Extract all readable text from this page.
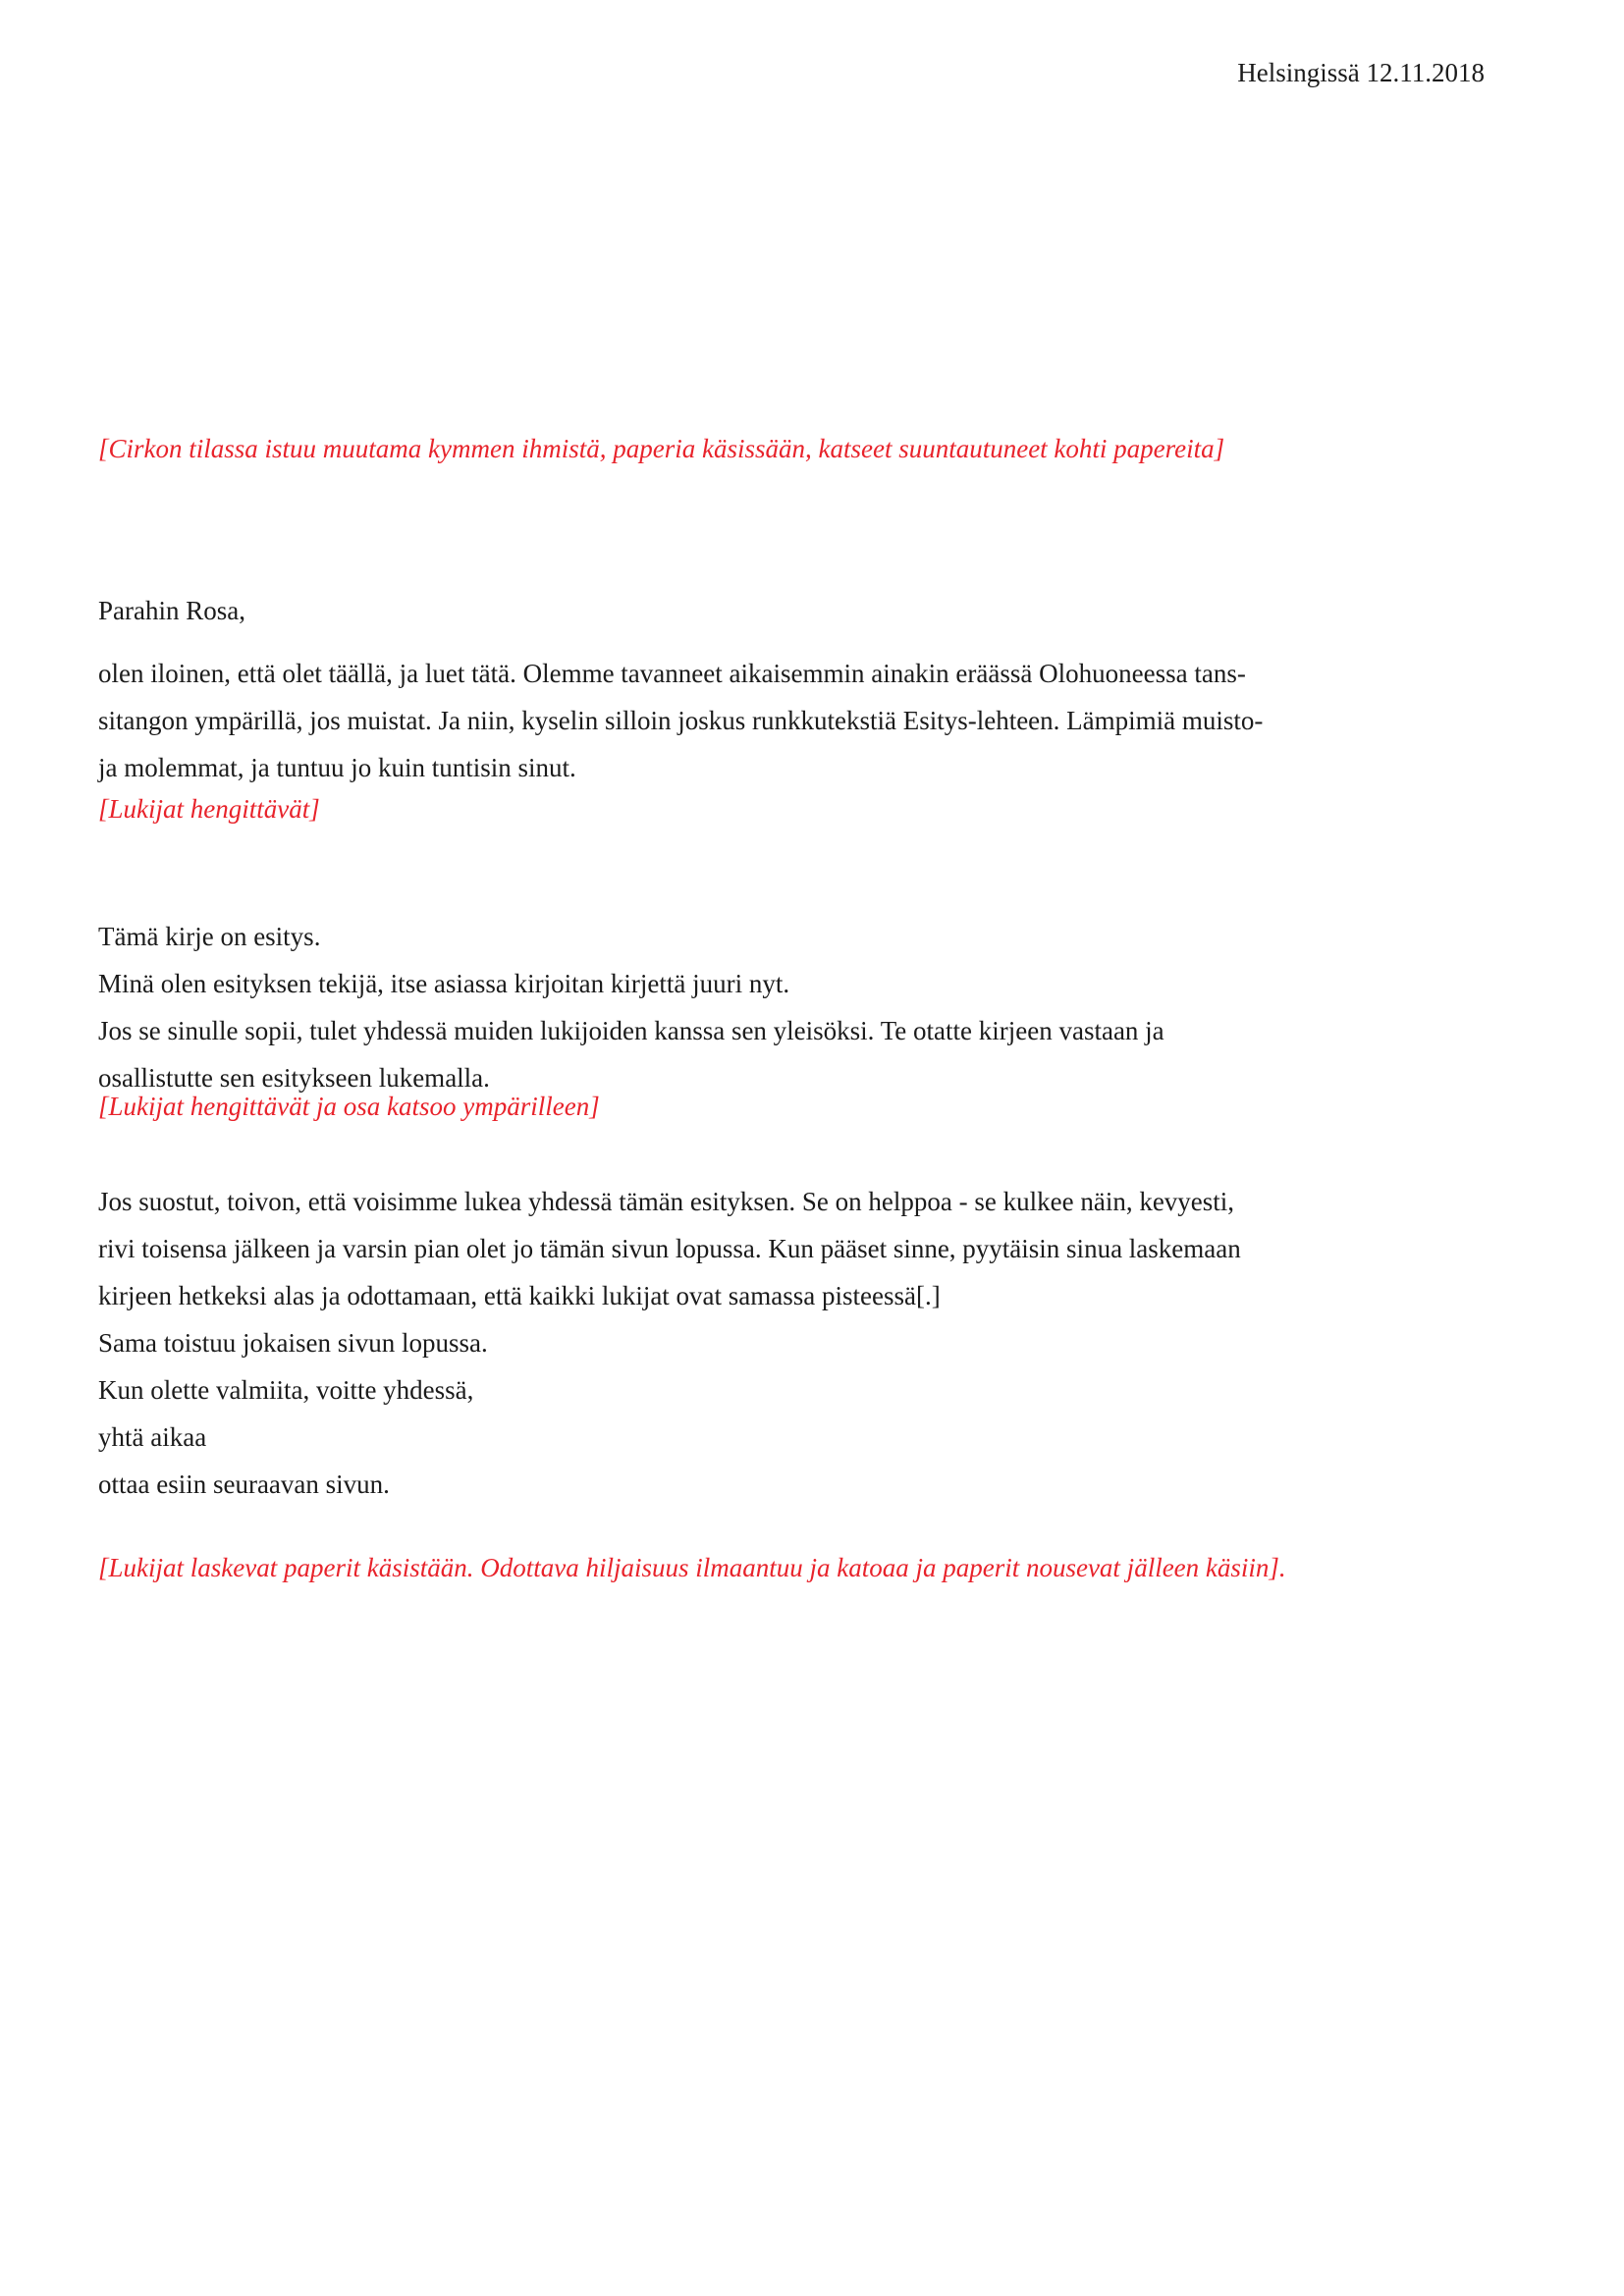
Helsingissä 12.11.2018
[Cirkon tilassa istuu muutama kymmen ihmistä, paperia käsissään, katseet suuntautuneet kohti papereita]
Parahin Rosa,
olen iloinen, että olet täällä, ja luet tätä. Olemme tavanneet aikaisemmin ainakin eräässä Olohuoneessa tans-
sitangon ympärillä, jos muistat. Ja niin, kyselin silloin joskus runkkutekstiä Esitys-lehteen. Lämpimiä muisto-
ja molemmat, ja tuntuu jo kuin tuntisin sinut.
[Lukijat hengittävät]
Tämä kirje on esitys.
Minä olen esityksen tekijä, itse asiassa kirjoitan kirjettä juuri nyt.
Jos se sinulle sopii, tulet yhdessä muiden lukijoiden kanssa sen yleisöksi. Te otatte kirjeen vastaan ja
osallistutte sen esitykseen lukemalla.
[Lukijat hengittävät ja osa katsoo ympärilleen]
Jos suostut, toivon, että voisimme lukea yhdessä tämän esityksen. Se on helppoa - se kulkee näin, kevyesti,
rivi toisensa jälkeen ja varsin pian olet jo tämän sivun lopussa. Kun pääset sinne, pyytäisin sinua laskemaan
kirjeen hetkeksi alas ja odottamaan, että kaikki lukijat ovat samassa pisteessä[.]
Sama toistuu jokaisen sivun lopussa.
Kun olette valmiita, voitte yhdessä,
yhtä aikaa
ottaa esiin seuraavan sivun.
[Lukijat laskevat paperit käsistään. Odottava hiljaisuus ilmaantuu ja katoaa ja paperit nousevat jälleen käsiin].
